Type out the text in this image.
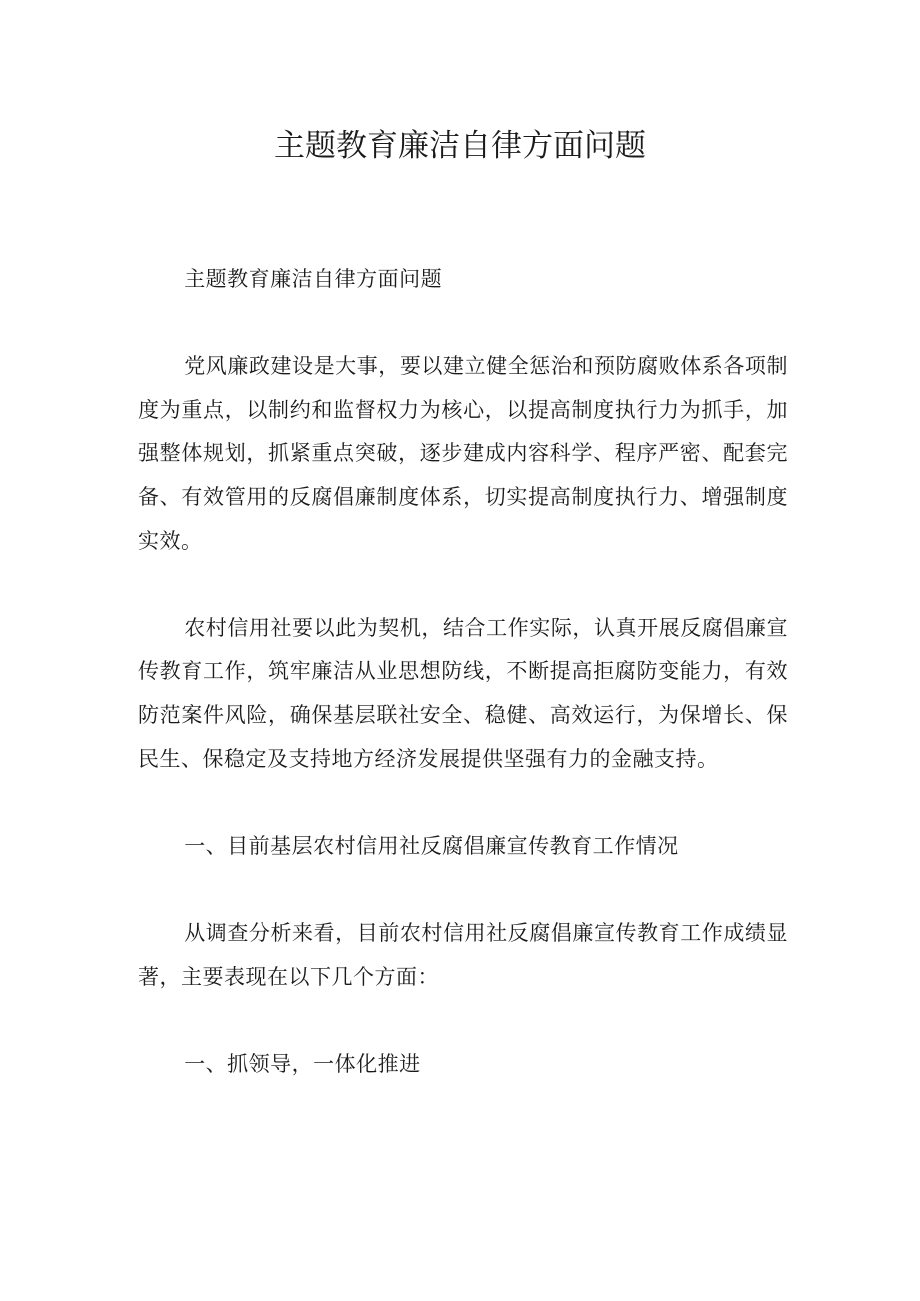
主题教育廉洁自律方面问题

主题教育廉洁自律方面问题

党风廉政建设是大事，要以建立健全惩治和预防腐败体系各项制度为重点，以制约和监督权力为核心，以提高制度执行力为抓手，加强整体规划，抓紧重点突破，逐步建成内容科学、程序严密、配套完备、有效管用的反腐倡廉制度体系，切实提高制度执行力、增强制度实效。

农村信用社要以此为契机，结合工作实际，认真开展反腐倡廉宣传教育工作，筑牢廉洁从业思想防线，不断提高拒腐防变能力，有效防范案件风险，确保基层联社安全、稳健、高效运行，为保增长、保民生、保稳定及支持地方经济发展提供坚强有力的金融支持。

一、目前基层农村信用社反腐倡廉宣传教育工作情况

从调查分析来看，目前农村信用社反腐倡廉宣传教育工作成绩显著，主要表现在以下几个方面：

一、抓领导，一体化推进
